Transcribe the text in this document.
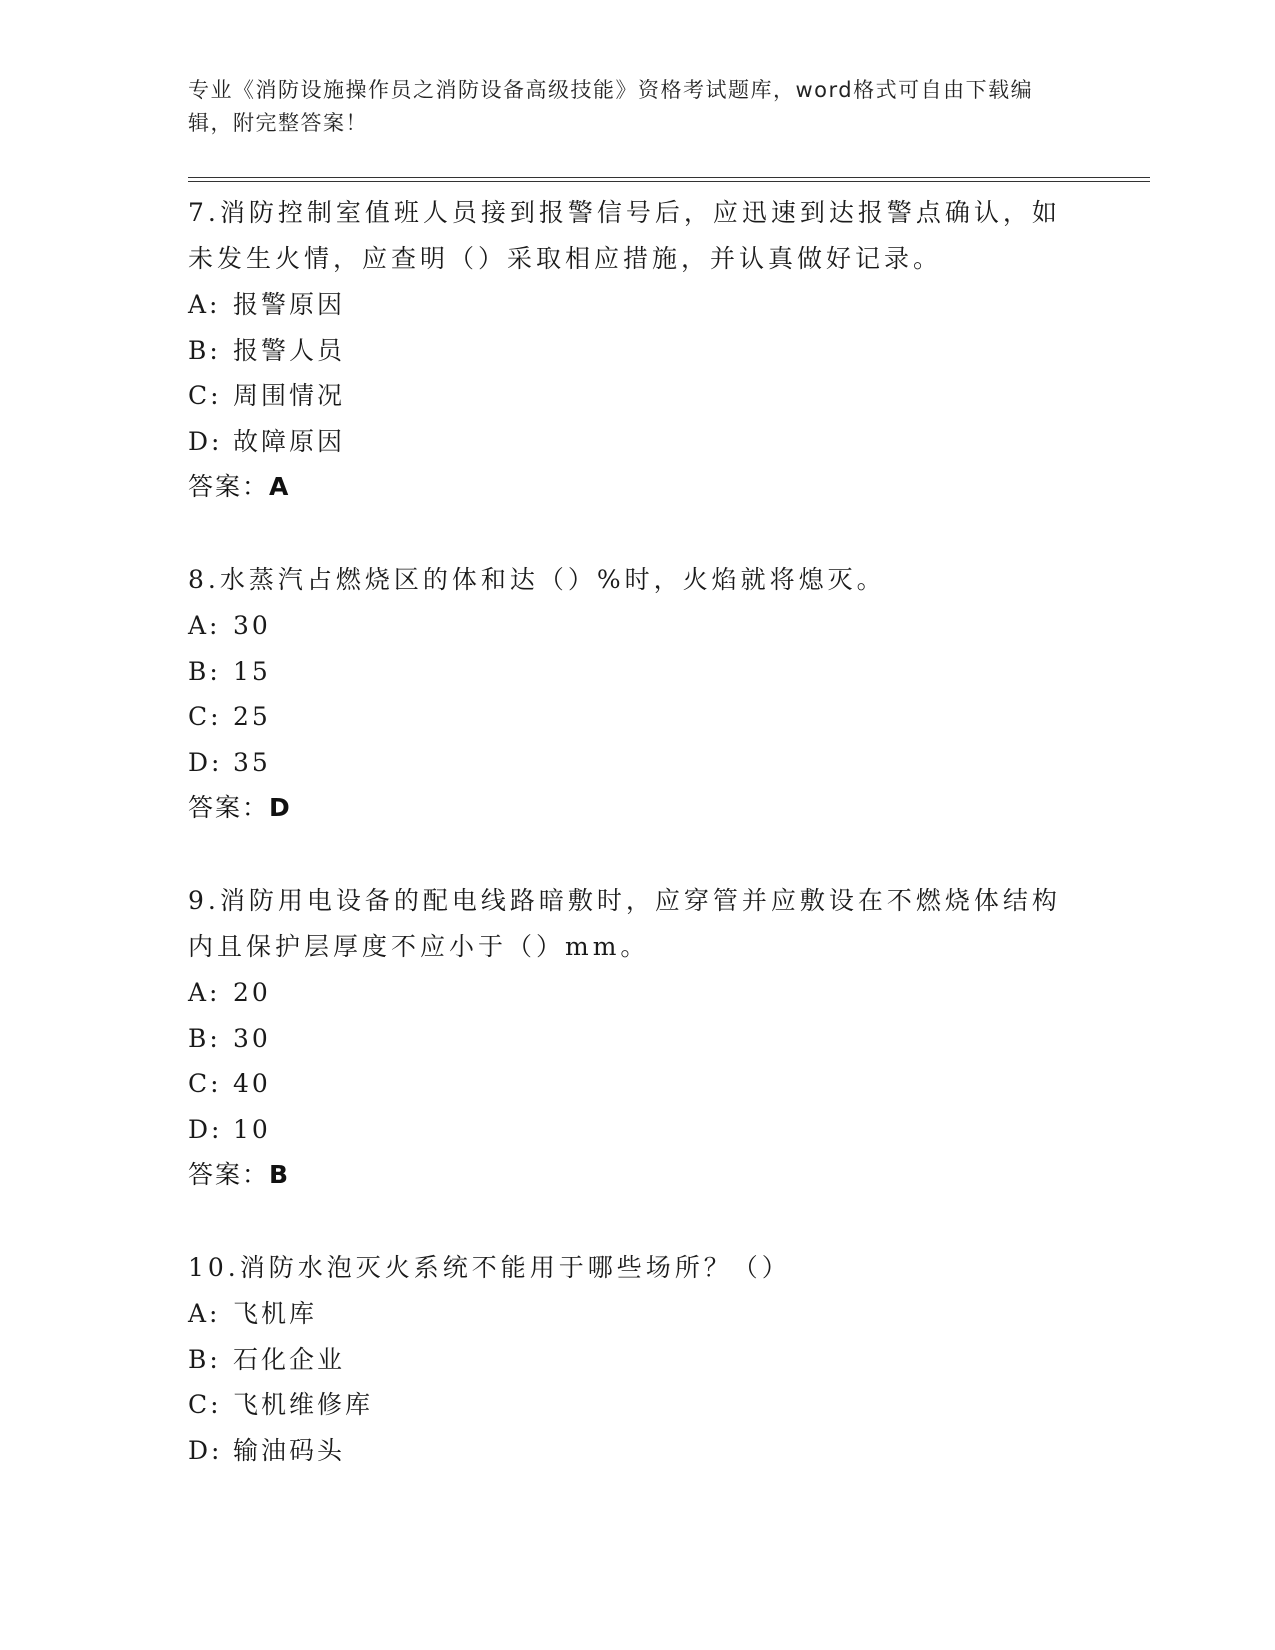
专业《消防设施操作员之消防设备高级技能》资格考试题库，word格式可自由下载编辑，附完整答案！

7.消防控制室值班人员接到报警信号后，应迅速到达报警点确认，如未发生火情，应查明（）采取相应措施，并认真做好记录。

A: 报警原因

B: 报警人员

C: 周围情况

D: 故障原因

答案：A

8.水蒸汽占燃烧区的体和达（）%时，火焰就将熄灭。

A: 30

B: 15

C: 25

D: 35

答案：D

9.消防用电设备的配电线路暗敷时，应穿管并应敷设在不燃烧体结构内且保护层厚度不应小于（）mm。

A: 20

B: 30

C: 40

D: 10

答案：B

10.消防水泡灭火系统不能用于哪些场所？（）

A: 飞机库

B: 石化企业

C: 飞机维修库

D: 输油码头
